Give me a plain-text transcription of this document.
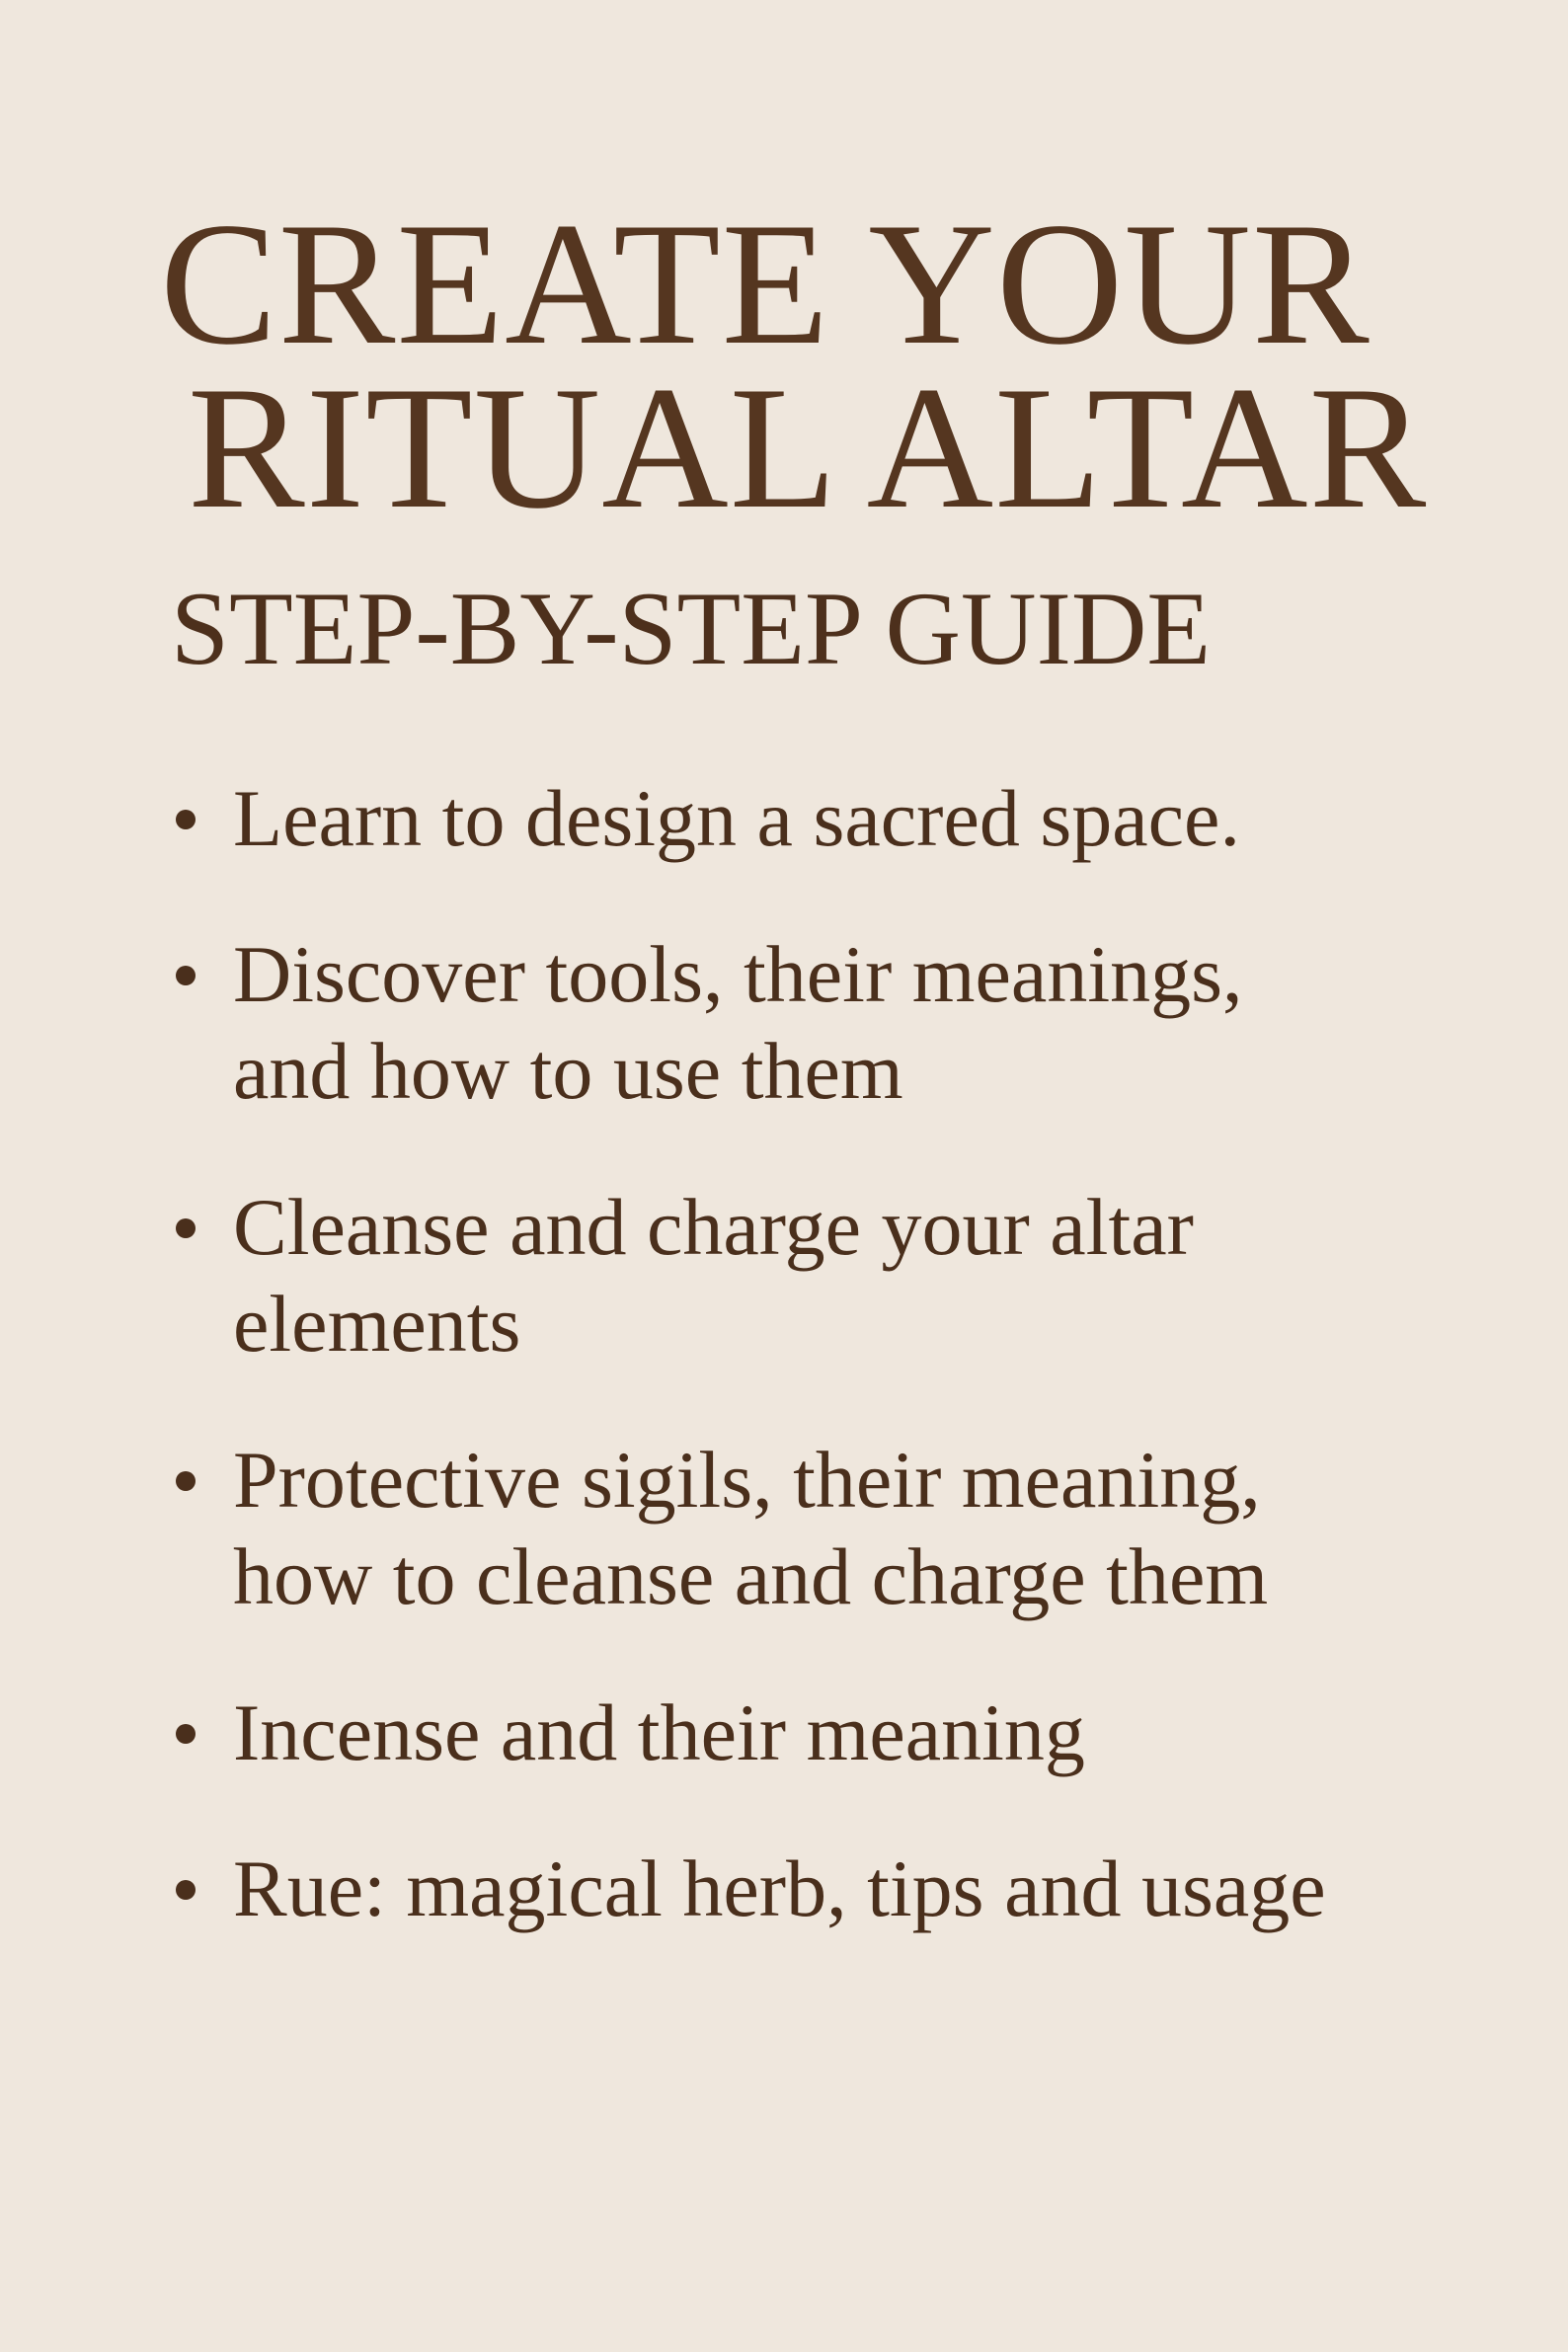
CREATE YOUR
RITUAL ALTAR
STEP-BY-STEP GUIDE
Learn to design a sacred space.
Discover tools, their meanings,
and how to use them
Cleanse and charge your altar
elements
Protective sigils, their meaning,
how to cleanse and charge them
Incense and their meaning
Rue: magical herb, tips and usage
